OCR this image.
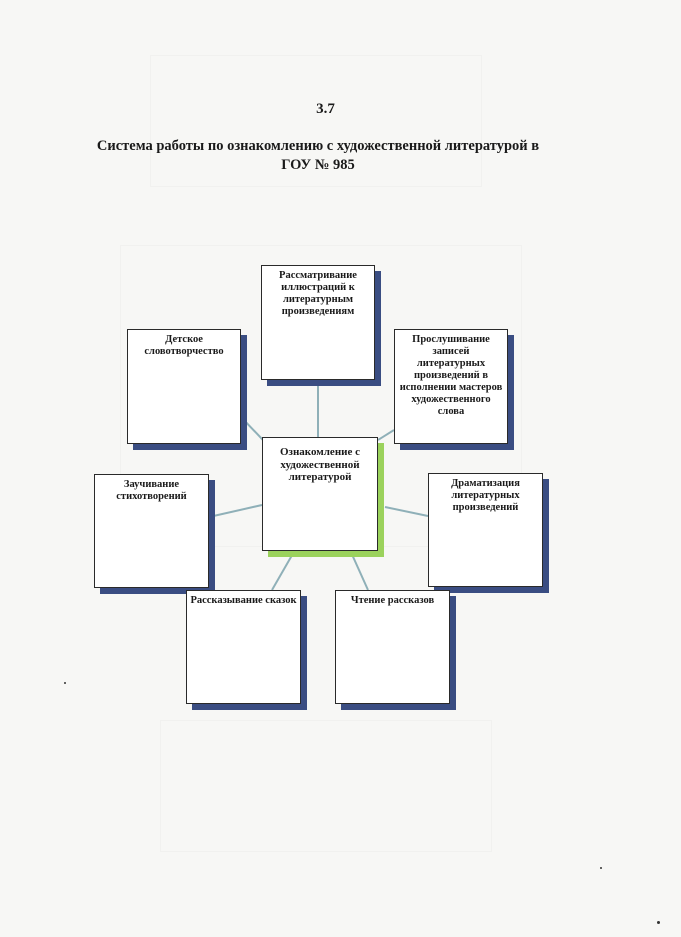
3.7
Система работы по ознакомлению с художественной литературой в
ГОУ № 985
Рассматривание иллюстраций к литературным произведениям
Детское словотворчество
Прослушивание записей литературных произведений в исполнении мастеров художественного слова
Ознакомление с художественной литературой
Заучивание стихотворений
Драматизация литературных произведений
Рассказывание сказок	Чтение рассказов
